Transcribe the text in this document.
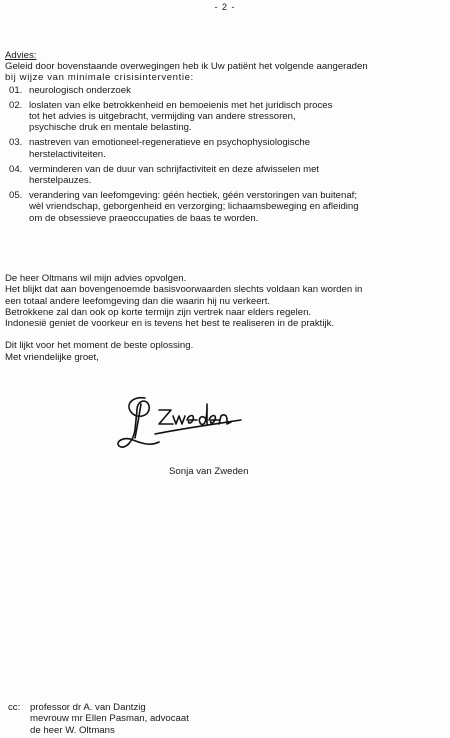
- 2 -
Advies:
Geleid door bovenstaande overwegingen heb ik Uw patiënt het volgende aangeraden
bij wijze van minimale crisisinterventie:
01. neurologisch onderzoek
02. loslaten van elke betrokkenheid en bemoeienis met het juridisch proces
tot het advies is uitgebracht, vermijding van andere stressoren,
psychische druk en mentale belasting.
03. nastreven van emotioneel-regeneratieve en psychophysiologische
herstelactiviteiten.
04. verminderen van de duur van schrijfactiviteit en deze afwisselen met
herstelpauzes.
05. verandering van leefomgeving: géén hectiek, géén verstoringen van buitenaf;
wèl vriendschap, geborgenheid en verzorging; lichaamsbeweging en afleiding
om de obsessieve praeoccupaties de baas te worden.
De heer Oltmans wil mijn advies opvolgen.
Het blijkt dat aan bovengenoemde basisvoorwaarden slechts voldaan kan worden in
een totaal andere leefomgeving dan die waarin hij nu verkeert.
Betrokkene zal dan ook op korte termijn zijn vertrek naar elders regelen.
Indonesië geniet de voorkeur en is tevens het best te realiseren in de praktijk.
Dit lijkt voor het moment de beste oplossing.
Met vriendelijke groet,
Sonja van Zweden
cc:	professor dr A. van Dantzig
mevrouw mr Ellen Pasman, advocaat
de heer W. Oltmans
